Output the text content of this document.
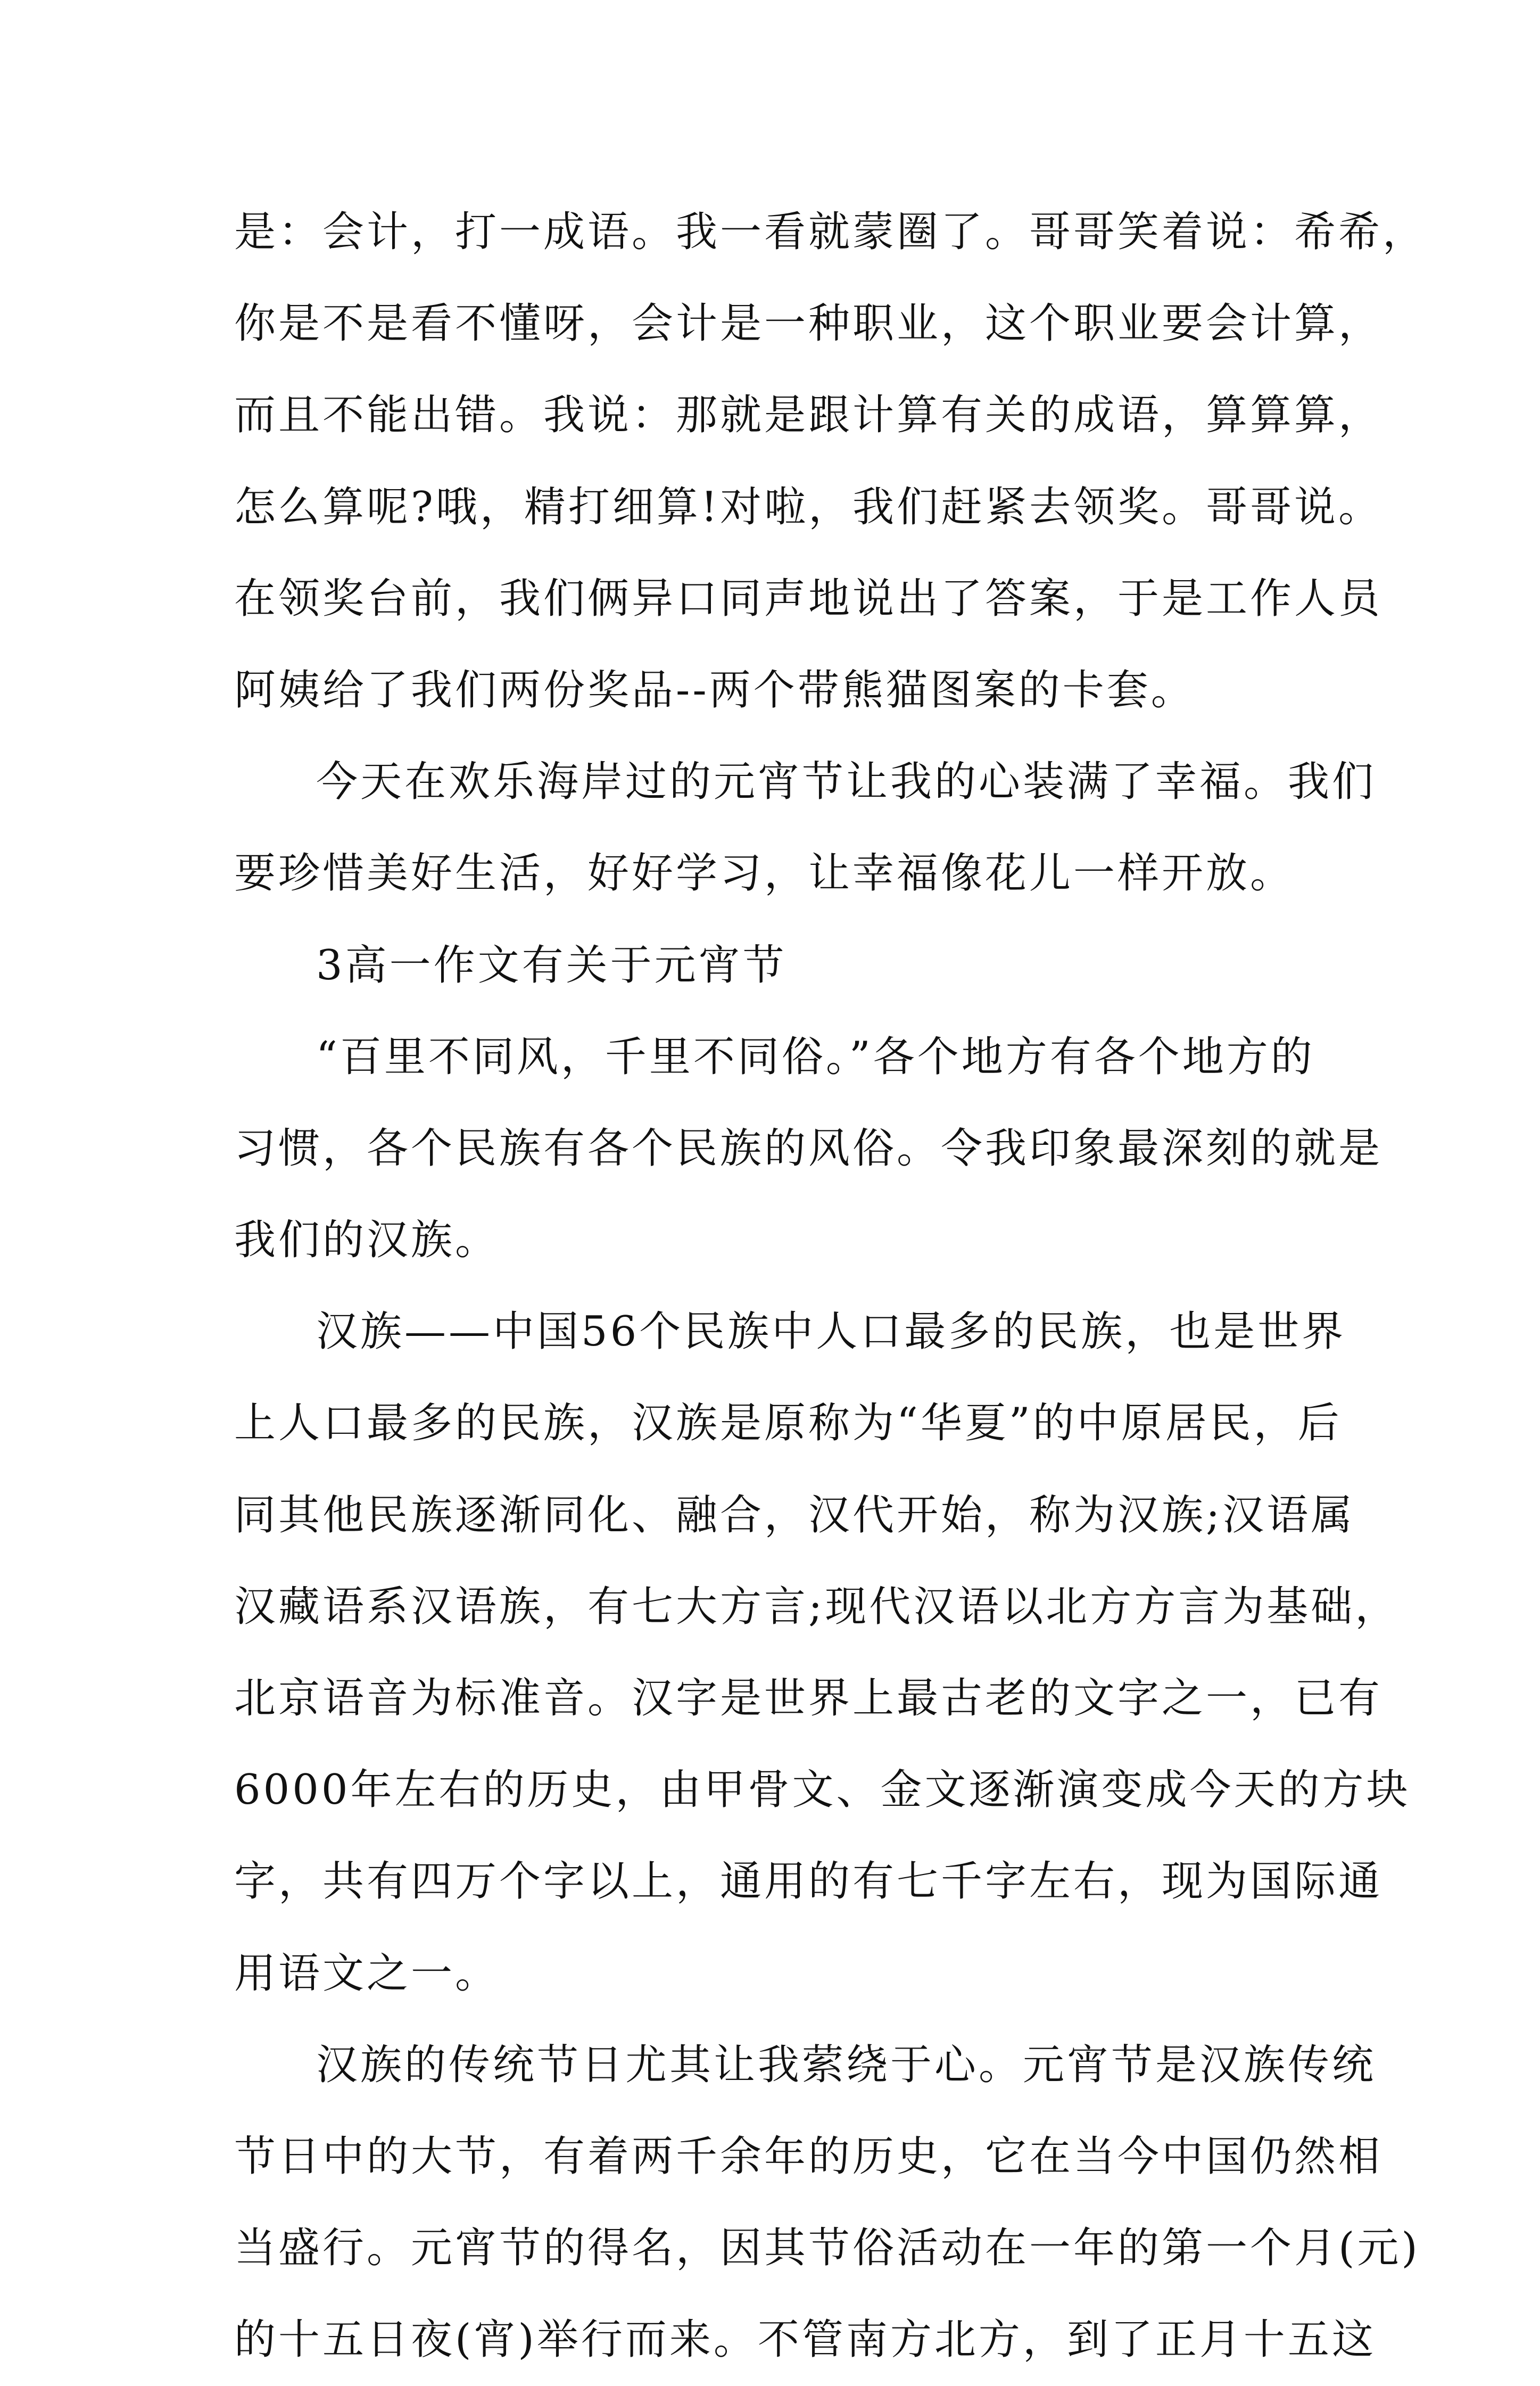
是：会计，打一成语。我一看就蒙圈了。哥哥笑着说：希希，
你是不是看不懂呀，会计是一种职业，这个职业要会计算，
而且不能出错。我说：那就是跟计算有关的成语，算算算，
怎么算呢?哦，精打细算!对啦，我们赶紧去领奖。哥哥说。
在领奖台前，我们俩异口同声地说出了答案，于是工作人员
阿姨给了我们两份奖品--两个带熊猫图案的卡套。
今天在欢乐海岸过的元宵节让我的心装满了幸福。我们
要珍惜美好生活，好好学习，让幸福像花儿一样开放。
3高一作文有关于元宵节
“百里不同风，千里不同俗。”各个地方有各个地方的
习惯，各个民族有各个民族的风俗。令我印象最深刻的就是
我们的汉族。
汉族——中国56个民族中人口最多的民族，也是世界
上人口最多的民族，汉族是原称为“华夏”的中原居民，后
同其他民族逐渐同化、融合，汉代开始，称为汉族;汉语属
汉藏语系汉语族，有七大方言;现代汉语以北方方言为基础，
北京语音为标准音。汉字是世界上最古老的文字之一，已有
6000年左右的历史，由甲骨文、金文逐渐演变成今天的方块
字，共有四万个字以上，通用的有七千字左右，现为国际通
用语文之一。
汉族的传统节日尤其让我萦绕于心。元宵节是汉族传统
节日中的大节，有着两千余年的历史，它在当今中国仍然相
当盛行。元宵节的得名，因其节俗活动在一年的第一个月(元)
的十五日夜(宵)举行而来。不管南方北方，到了正月十五这
